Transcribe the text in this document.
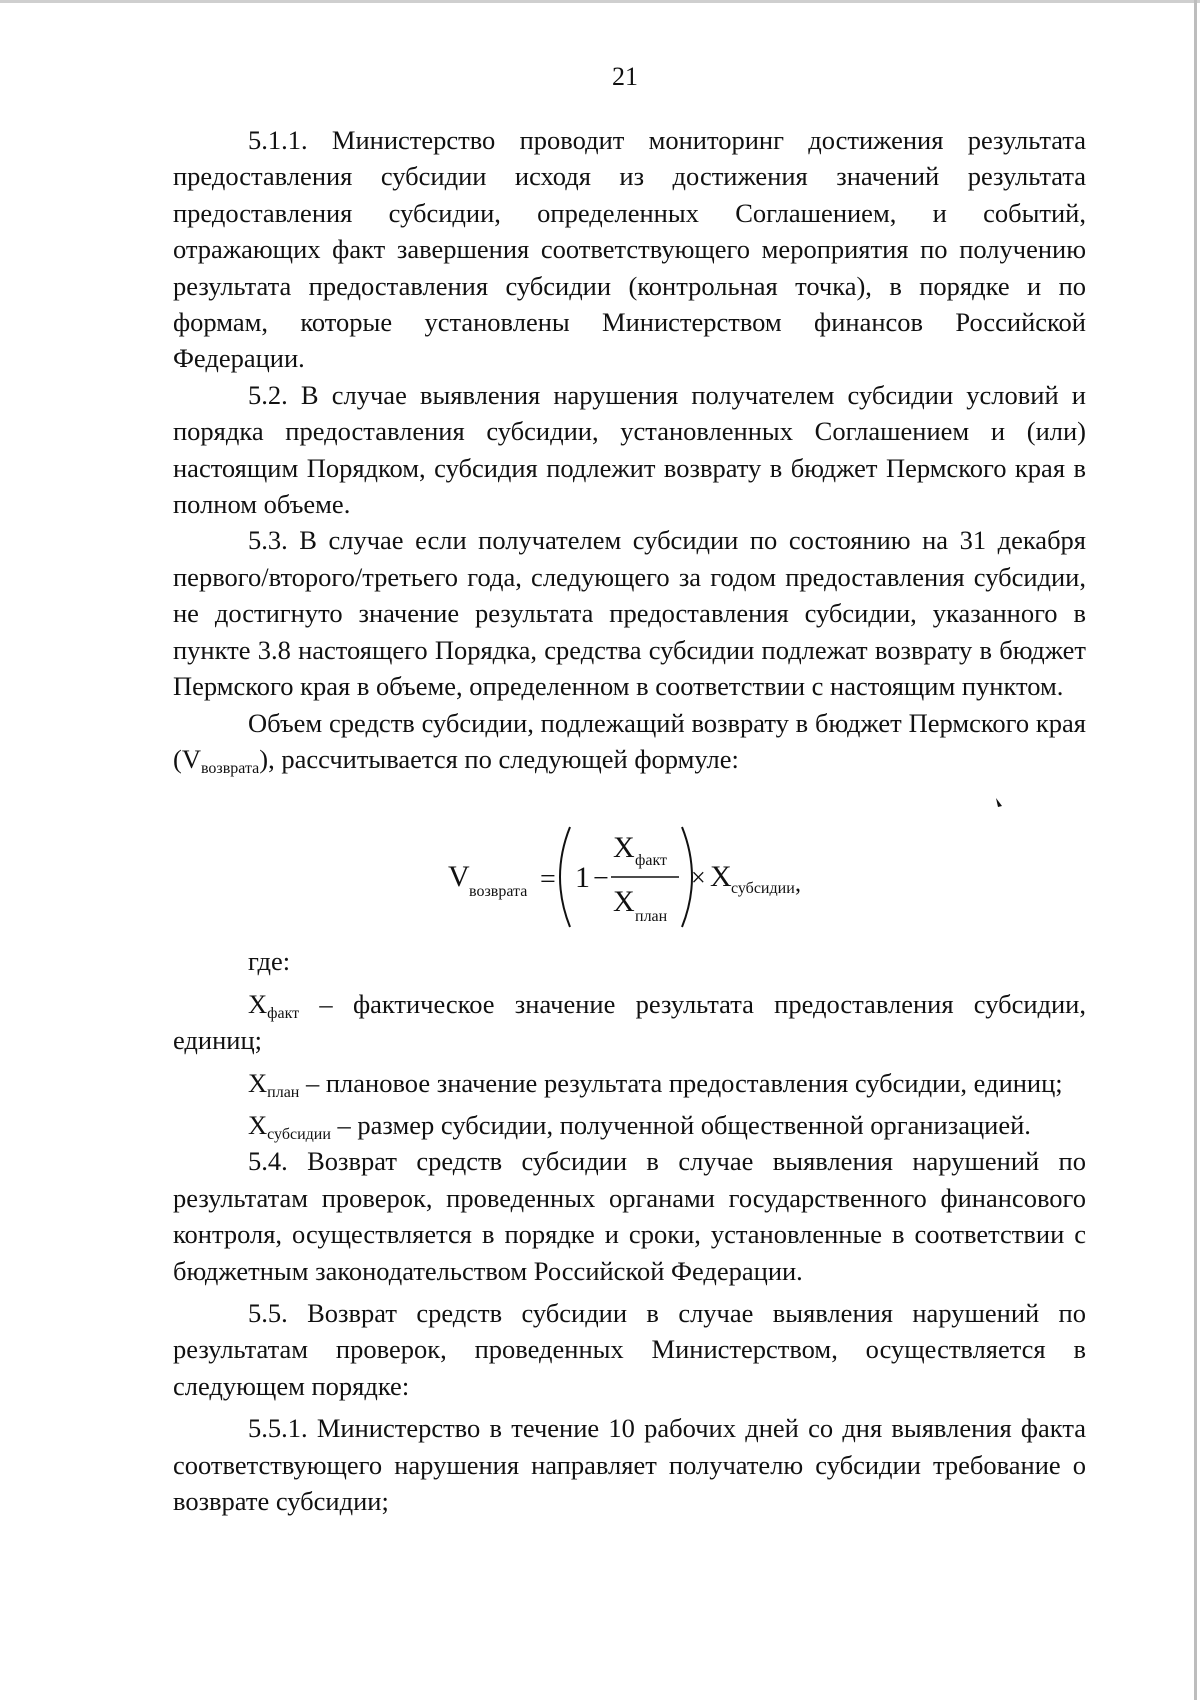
21

5.1.1. Министерство проводит мониторинг достижения результата предоставления субсидии исходя из достижения значений результата предоставления субсидии, определенных Соглашением, и событий, отражающих факт завершения соответствующего мероприятия по получению результата предоставления субсидии (контрольная точка), в порядке и по формам, которые установлены Министерством финансов Российской Федерации.

5.2. В случае выявления нарушения получателем субсидии условий и порядка предоставления субсидии, установленных Соглашением и (или) настоящим Порядком, субсидия подлежит возврату в бюджет Пермского края в полном объеме.

5.3. В случае если получателем субсидии по состоянию на 31 декабря первого/второго/третьего года, следующего за годом предоставления субсидии, не достигнуто значение результата предоставления субсидии, указанного в пункте 3.8 настоящего Порядка, средства субсидии подлежат возврату в бюджет Пермского края в объеме, определенном в соответствии с настоящим пунктом.

Объем средств субсидии, подлежащий возврату в бюджет Пермского края $(V_{возврата})$, рассчитывается по следующей формуле:

V возврата = 1 −
X факт
X план
× X субсидии ,

где:

$X_{факт}$ – фактическое значение результата предоставления субсидии, единиц;

$X_{план}$ – плановое значение результата предоставления субсидии, единиц;

$X_{субсидии}$ – размер субсидии, полученной общественной организацией.

5.4. Возврат средств субсидии в случае выявления нарушений по результатам проверок, проведенных органами государственного финансового контроля, осуществляется в порядке и сроки, установленные в соответствии с бюджетным законодательством Российской Федерации.

5.5. Возврат средств субсидии в случае выявления нарушений по результатам проверок, проведенных Министерством, осуществляется в следующем порядке:

5.5.1. Министерство в течение 10 рабочих дней со дня выявления факта соответствующего нарушения направляет получателю субсидии требование о возврате субсидии;
